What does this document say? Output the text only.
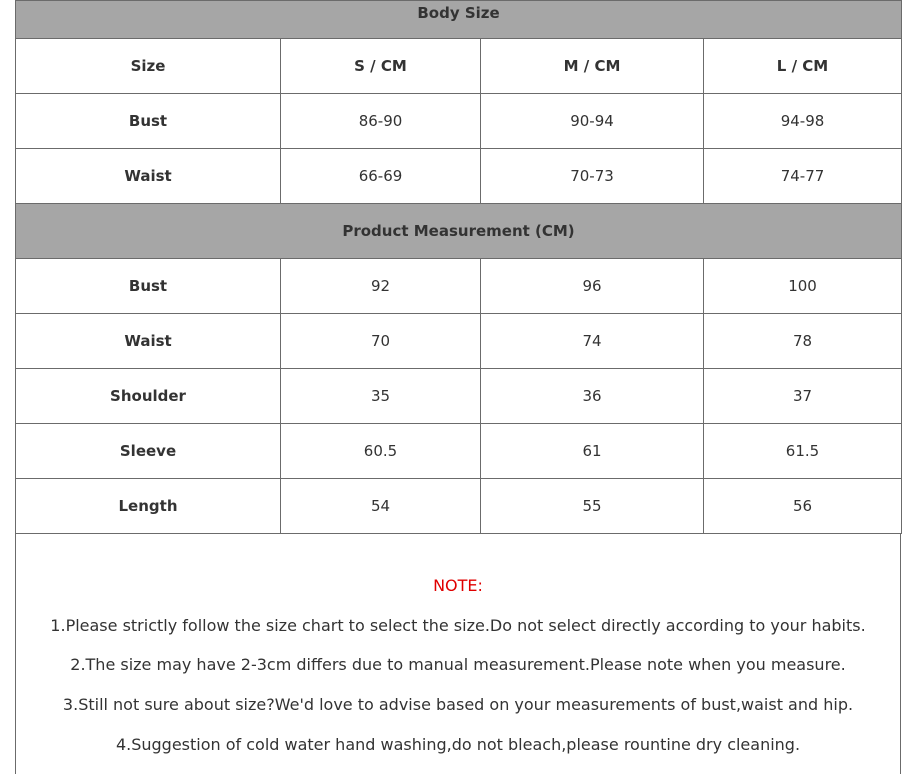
Body Size			
Size	S / CM	M / CM	L / CM
Bust	86-90	90-94	94-98
Waist	66-69	70-73	74-77
Product Measurement (CM)			
Bust	92	96	100
Waist	70	74	78
Shoulder	35	36	37
Sleeve	60.5	61	61.5
Length	54	55	56
NOTE:
1.Please strictly follow the size chart to select the size.Do not select directly according to your habits.
2.The size may have 2-3cm differs due to manual measurement.Please note when you measure.
3.Still not sure about size?We'd love to advise based on your measurements of bust,waist and hip.
4.Suggestion of cold water hand washing,do not bleach,please rountine dry cleaning.
